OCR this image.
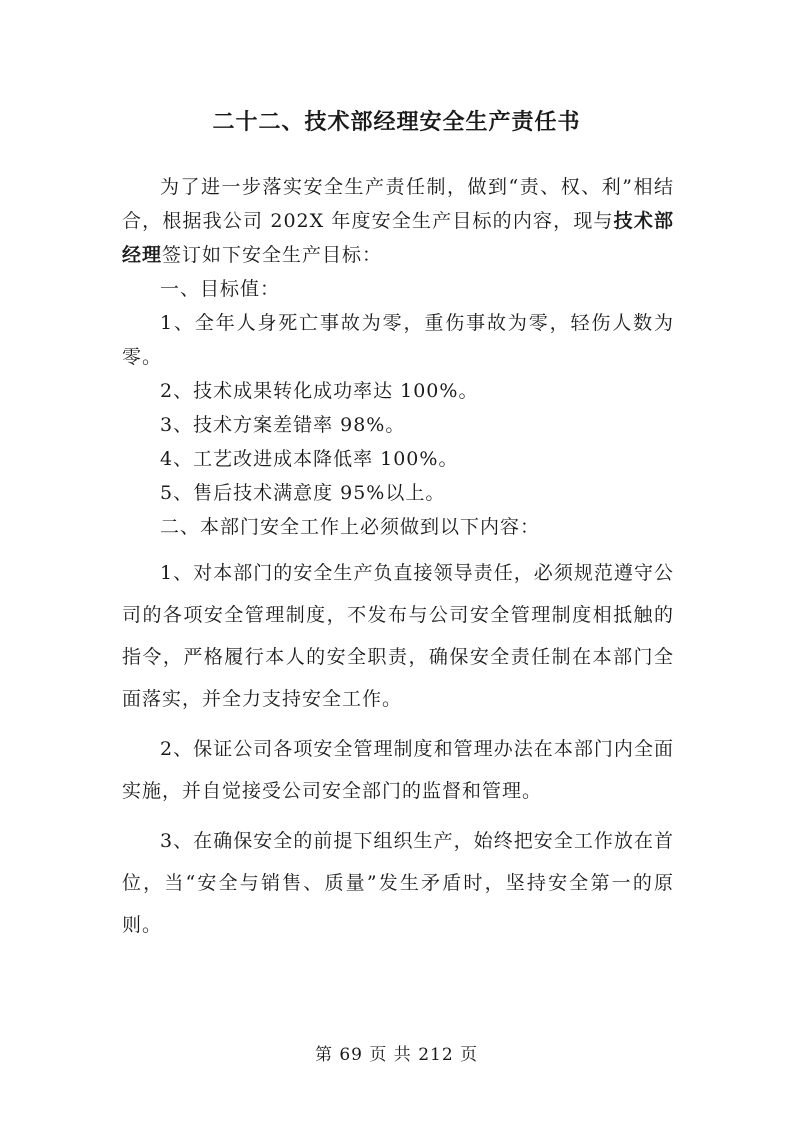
二十二、技术部经理安全生产责任书

为了进一步落实安全生产责任制，做到“责、权、利”相结合，根据我公司 202X 年度安全生产目标的内容，现与技术部经理签订如下安全生产目标：

一、目标值：

1、全年人身死亡事故为零，重伤事故为零，轻伤人数为零。

2、技术成果转化成功率达 100%。

3、技术方案差错率 98%。

4、工艺改进成本降低率 100%。

5、售后技术满意度 95%以上。

二、本部门安全工作上必须做到以下内容：

1、对本部门的安全生产负直接领导责任，必须规范遵守公司的各项安全管理制度，不发布与公司安全管理制度相抵触的指令，严格履行本人的安全职责，确保安全责任制在本部门全面落实，并全力支持安全工作。

2、保证公司各项安全管理制度和管理办法在本部门内全面实施，并自觉接受公司安全部门的监督和管理。

3、在确保安全的前提下组织生产，始终把安全工作放在首位，当“安全与销售、质量”发生矛盾时，坚持安全第一的原则。

第 69 页 共 212 页
